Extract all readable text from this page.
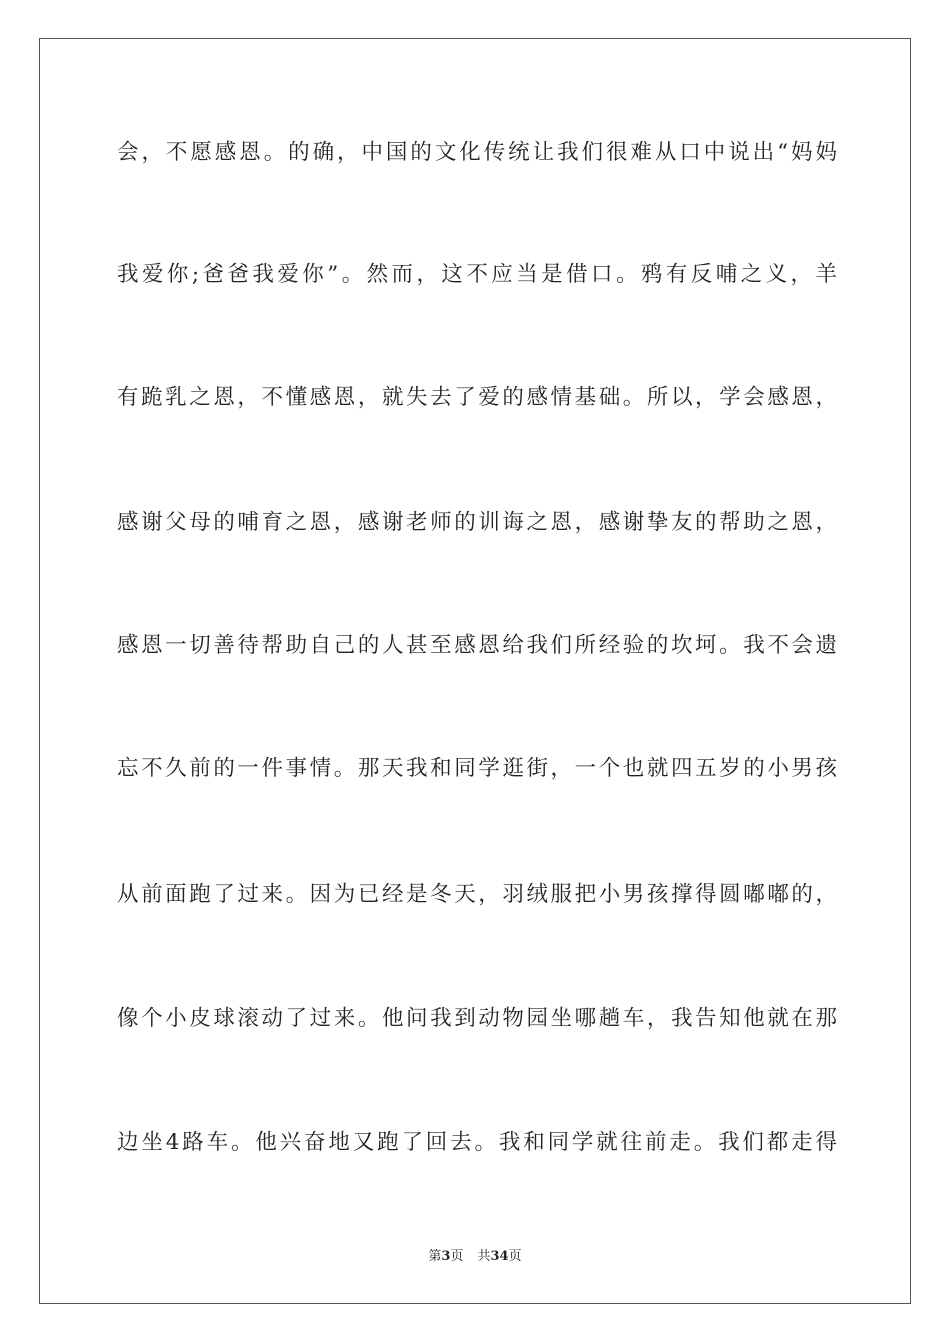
会，不愿感恩。的确，中国的文化传统让我们很难从口中说出“妈妈
我爱你;爸爸我爱你”。然而，这不应当是借口。鸦有反哺之义，羊
有跪乳之恩，不懂感恩，就失去了爱的感情基础。所以，学会感恩，
感谢父母的哺育之恩，感谢老师的训诲之恩，感谢挚友的帮助之恩，
感恩一切善待帮助自己的人甚至感恩给我们所经验的坎坷。我不会遗
忘不久前的一件事情。那天我和同学逛街，一个也就四五岁的小男孩
从前面跑了过来。因为已经是冬天，羽绒服把小男孩撑得圆嘟嘟的，
像个小皮球滚动了过来。他问我到动物园坐哪趟车，我告知他就在那
边坐4路车。他兴奋地又跑了回去。我和同学就往前走。我们都走得
第3页 共34页
